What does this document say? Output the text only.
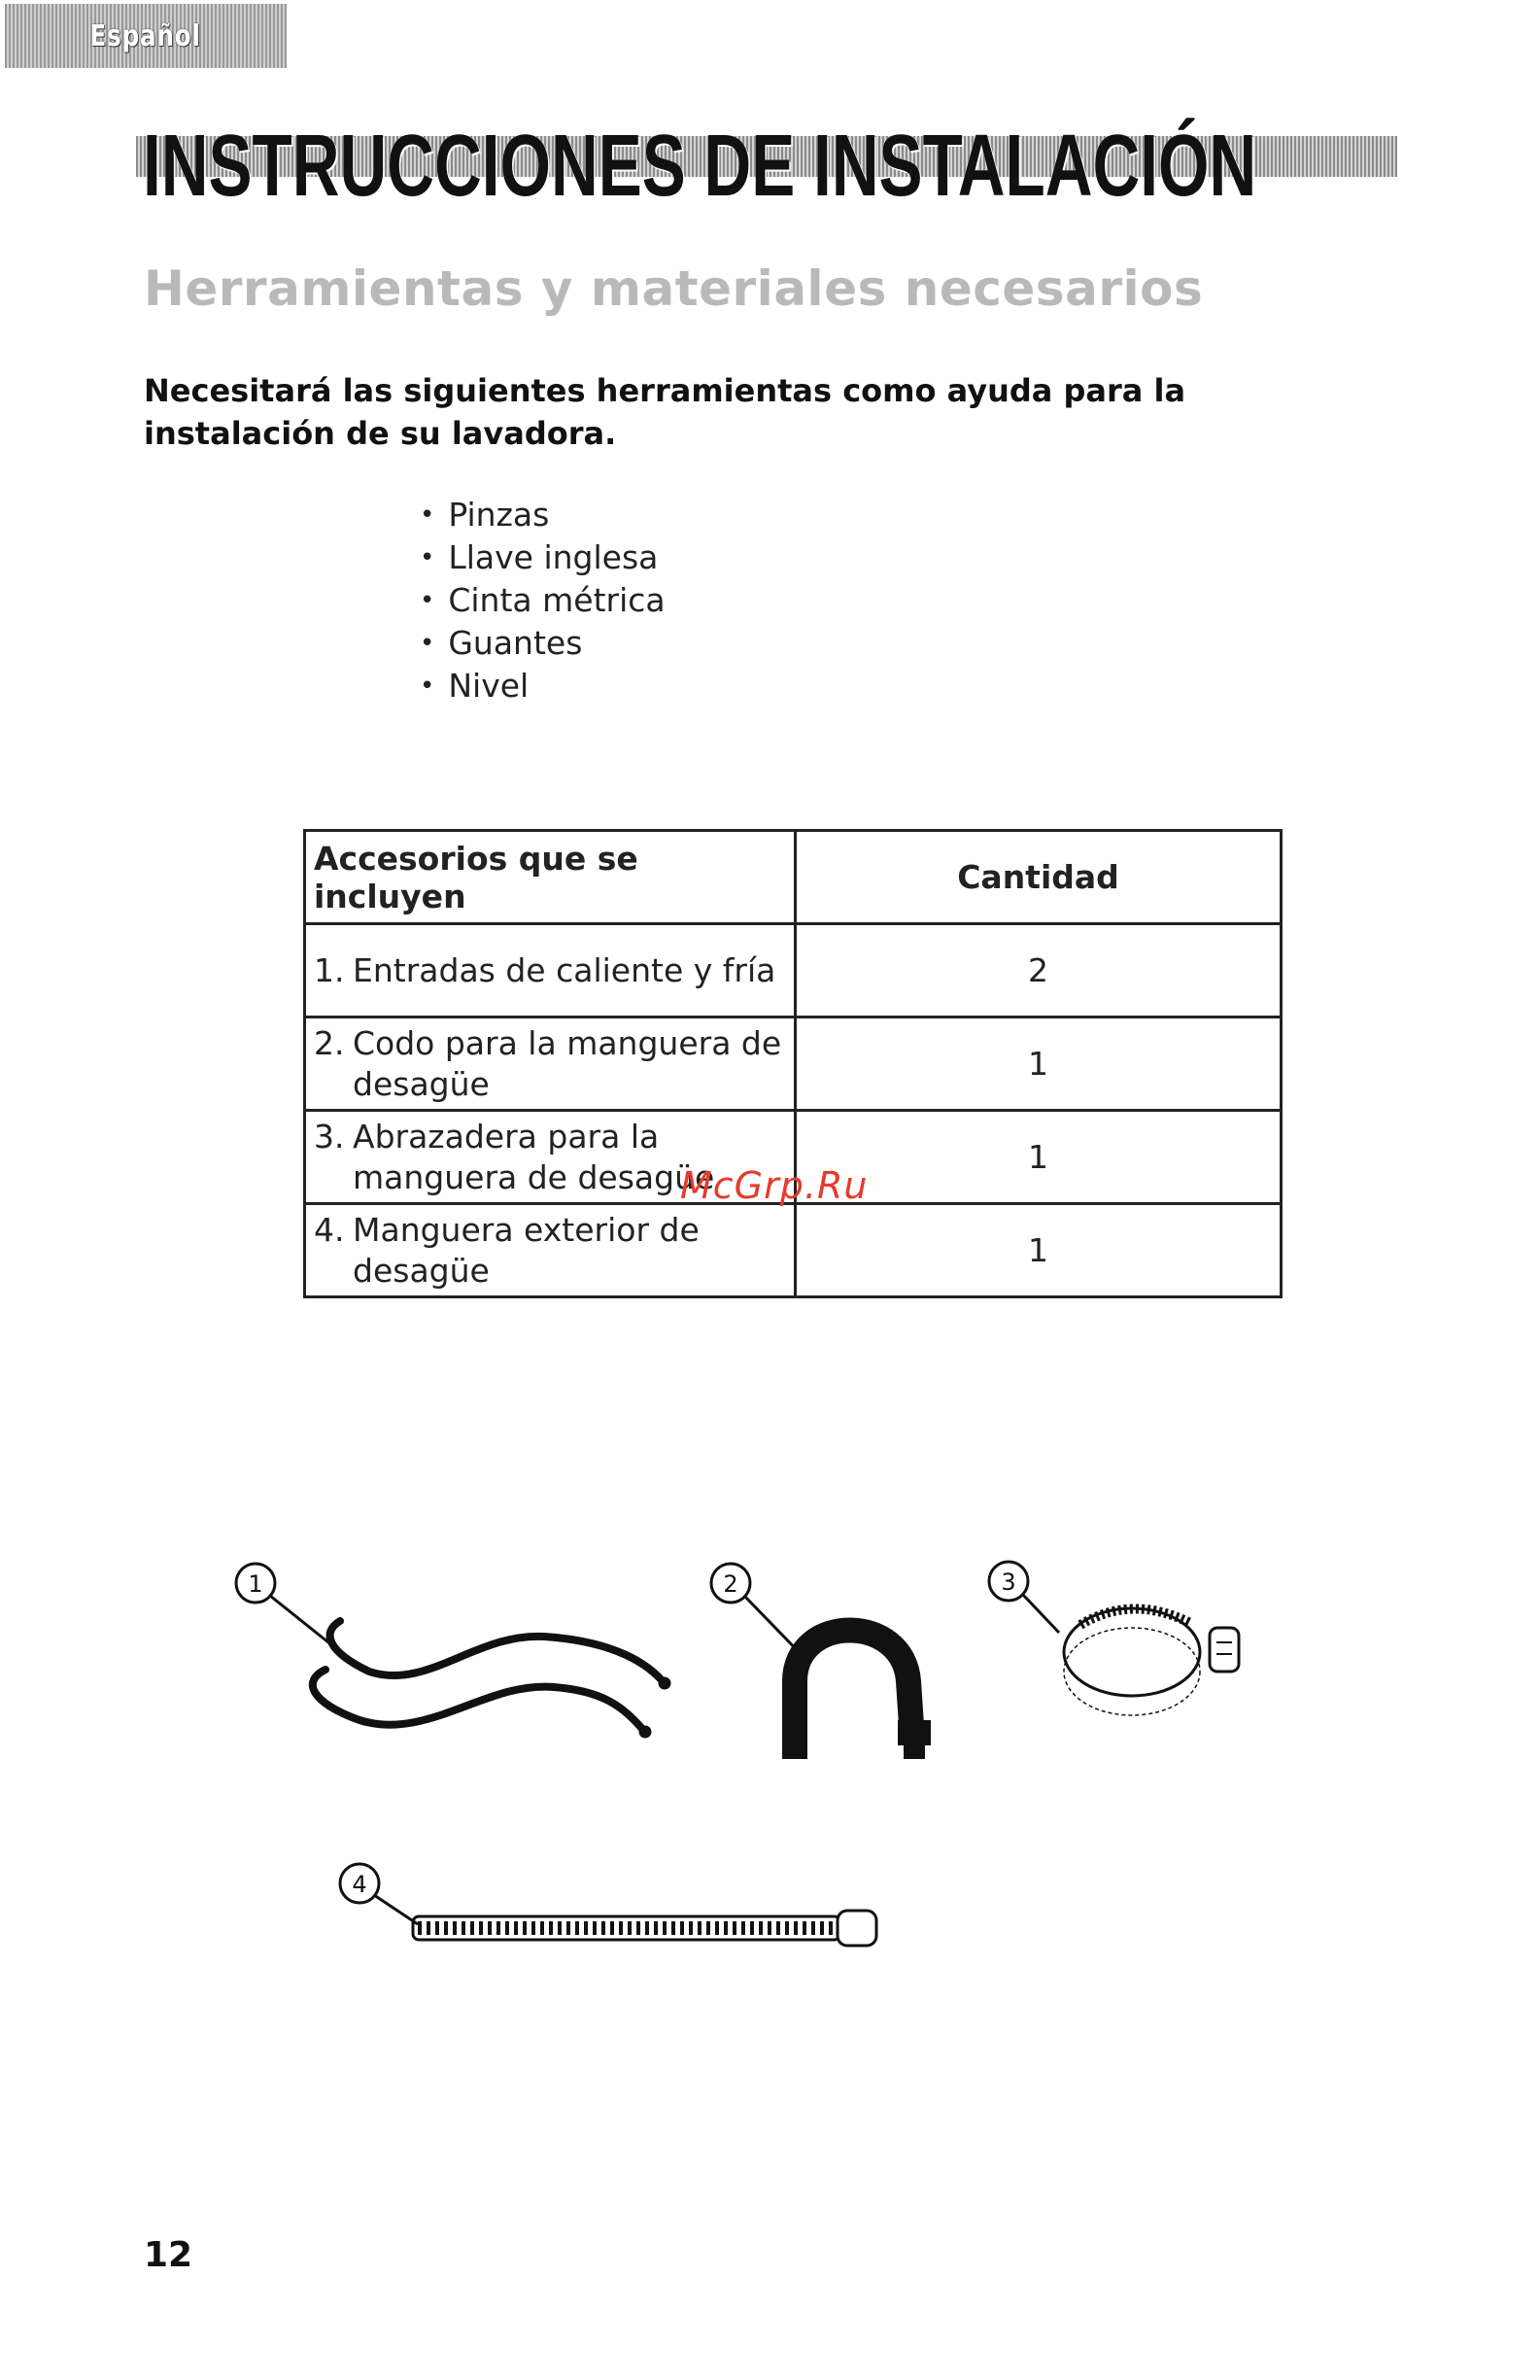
Español
INSTRUCCIONES DE INSTALACIÓN
Herramientas y materiales necesarios

Necesitará las siguientes herramientas como ayuda para la instalación de su lavadora.

• Pinzas
• Llave inglesa
• Cinta métrica
• Guantes
• Nivel
Accesorios que se incluyen	Cantidad

1. Entradas de caliente y fría	2

2. Codo para la manguera de desagüe	1

3. Abrazadera para la manguera de desagüe	1

4. Manguera exterior de desagüe	1

McGrp.Ru

1	2	3
4

12
